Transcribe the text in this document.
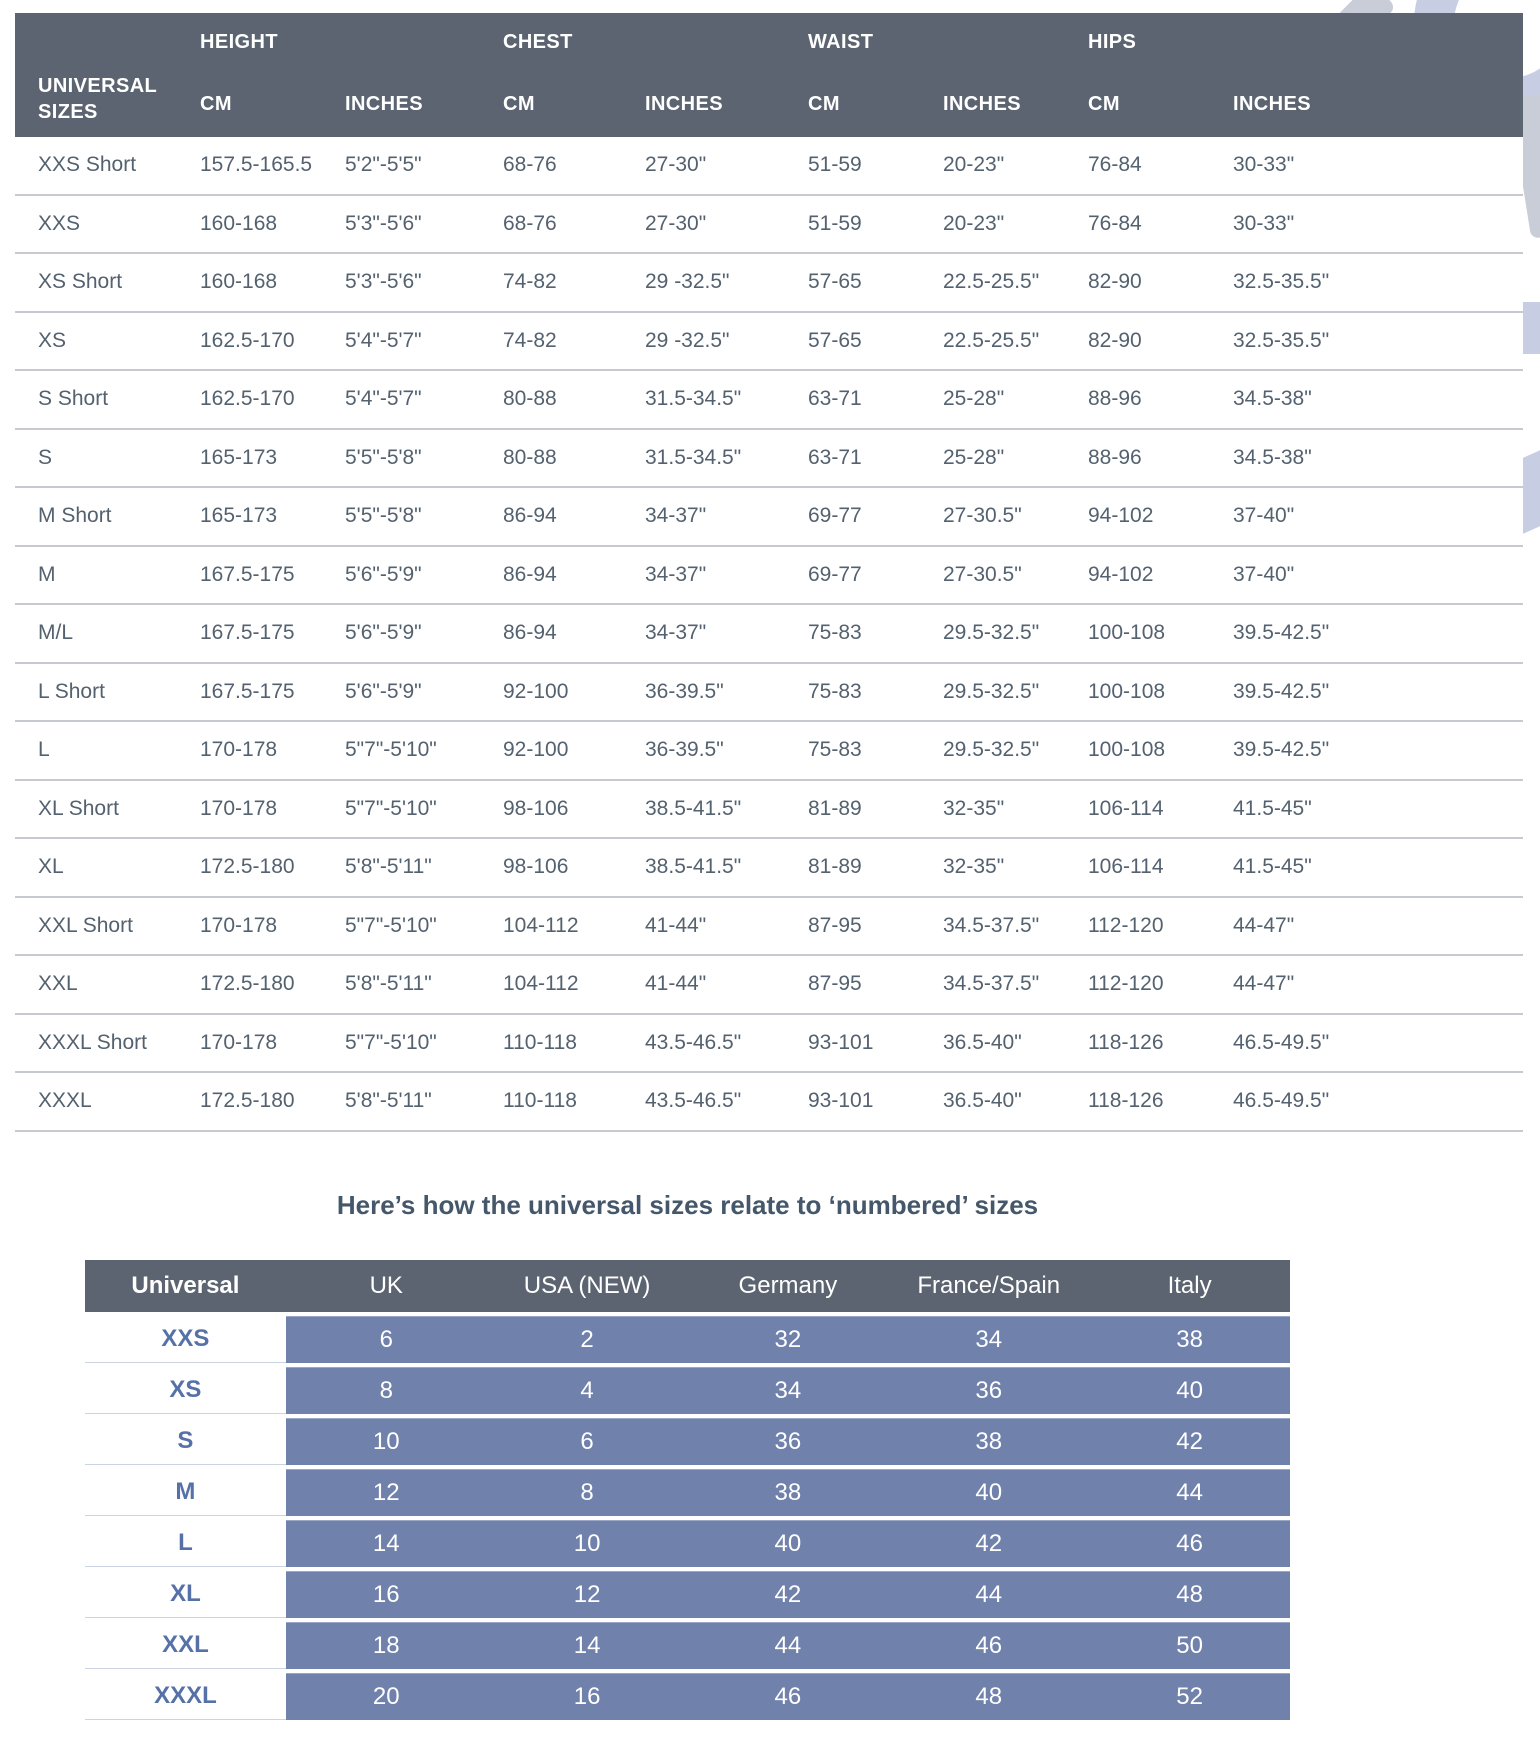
UNIVERSAL SIZES
HEIGHT	CHEST	WAIST	HIPS
CM	INCHES	CM	INCHES	CM	INCHES	CM	INCHES
XXS Short	157.5-165.5	5'2"-5'5"	68-76	27-30"	51-59	20-23"	76-84	30-33"
XXS	160-168	5'3"-5'6"	68-76	27-30"	51-59	20-23"	76-84	30-33"
XS Short	160-168	5'3"-5'6"	74-82	29 -32.5"	57-65	22.5-25.5"	82-90	32.5-35.5"
XS	162.5-170	5'4"-5'7"	74-82	29 -32.5"	57-65	22.5-25.5"	82-90	32.5-35.5"
S Short	162.5-170	5'4"-5'7"	80-88	31.5-34.5"	63-71	25-28"	88-96	34.5-38"
S	165-173	5'5"-5'8"	80-88	31.5-34.5"	63-71	25-28"	88-96	34.5-38"
M Short	165-173	5'5"-5'8"	86-94	34-37"	69-77	27-30.5"	94-102	37-40"
M	167.5-175	5'6"-5'9"	86-94	34-37"	69-77	27-30.5"	94-102	37-40"
M/L	167.5-175	5'6"-5'9"	86-94	34-37"	75-83	29.5-32.5"	100-108	39.5-42.5"
L Short	167.5-175	5'6"-5'9"	92-100	36-39.5"	75-83	29.5-32.5"	100-108	39.5-42.5"
L	170-178	5"7"-5'10"	92-100	36-39.5"	75-83	29.5-32.5"	100-108	39.5-42.5"
XL Short	170-178	5"7"-5'10"	98-106	38.5-41.5"	81-89	32-35"	106-114	41.5-45"
XL	172.5-180	5'8"-5'11"	98-106	38.5-41.5"	81-89	32-35"	106-114	41.5-45"
XXL Short	170-178	5"7"-5'10"	104-112	41-44"	87-95	34.5-37.5"	112-120	44-47"
XXL	172.5-180	5'8"-5'11"	104-112	41-44"	87-95	34.5-37.5"	112-120	44-47"
XXXL Short	170-178	5"7"-5'10"	110-118	43.5-46.5"	93-101	36.5-40"	118-126	46.5-49.5"
XXXL	172.5-180	5'8"-5'11"	110-118	43.5-46.5"	93-101	36.5-40"	118-126	46.5-49.5"
Here’s how the universal sizes relate to ‘numbered’ sizes
Universal	UK	USA (NEW)	Germany	France/Spain	Italy
XXS	6	2	32	34	38
XS	8	4	34	36	40
S	10	6	36	38	42
M	12	8	38	40	44
L	14	10	40	42	46
XL	16	12	42	44	48
XXL	18	14	44	46	50
XXXL	20	16	46	48	52
